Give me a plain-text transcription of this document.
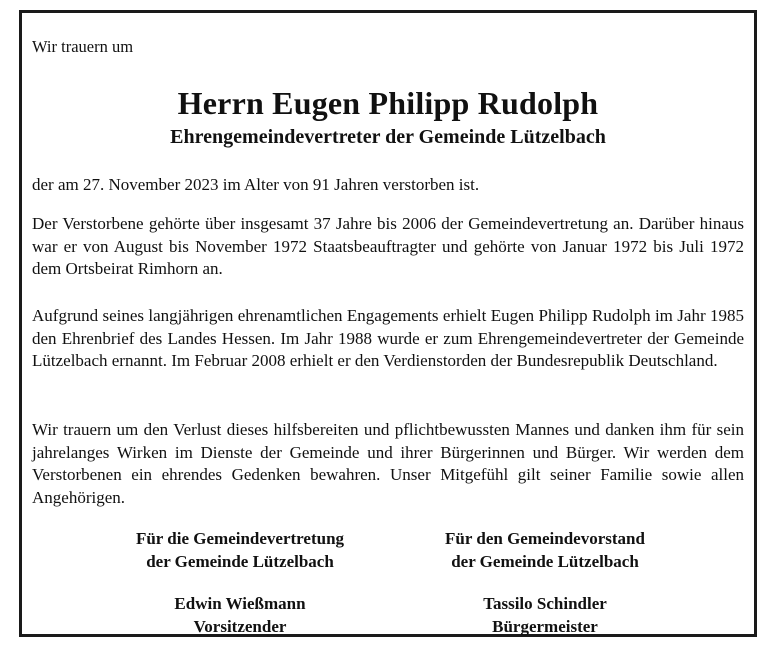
Wir trauern um
Herrn Eugen Philipp Rudolph
Ehrengemeindevertreter der Gemeinde Lützelbach

der am 27. November 2023 im Alter von 91 Jahren verstorben ist.

Der Verstorbene gehörte über insgesamt 37 Jahre bis 2006 der Gemeindevertretung an. Darüber hinaus war er von August bis November 1972 Staatsbeauftragter und gehörte von Januar 1972 bis Juli 1972 dem Ortsbeirat Rimhorn an.

Aufgrund seines langjährigen ehrenamtlichen Engagements erhielt Eugen Philipp Rudolph im Jahr 1985 den Ehrenbrief des Landes Hessen. Im Jahr 1988 wurde er zum Ehrengemeindevertreter der Gemeinde Lützelbach ernannt. Im Februar 2008 erhielt er den Verdienstorden der Bundesrepublik Deutschland.

Wir trauern um den Verlust dieses hilfsbereiten und pflichtbewussten Mannes und danken ihm für sein jahrelanges Wirken im Dienste der Gemeinde und ihrer Bürgerinnen und Bürger. Wir werden dem Verstorbenen ein ehrendes Gedenken bewahren. Unser Mitgefühl gilt seiner Familie sowie allen Angehörigen.

Für die Gemeindevertretung
der Gemeinde Lützelbach
Für den Gemeindevorstand
der Gemeinde Lützelbach
Edwin Wießmann
Vorsitzender
Tassilo Schindler
Bürgermeister
